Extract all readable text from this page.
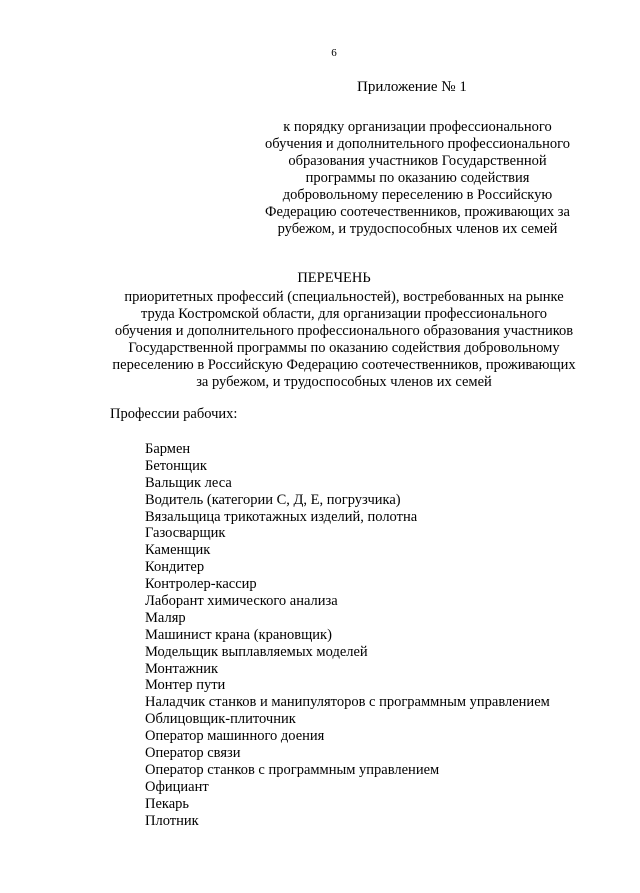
6
Приложение № 1
к порядку организации профессионального
обучения и дополнительного профессионального
образования участников Государственной
программы по оказанию содействия
добровольному переселению в Российскую
Федерацию соотечественников, проживающих за
рубежом, и трудоспособных членов их семей
ПЕРЕЧЕНЬ
приоритетных профессий (специальностей), востребованных на рынке
труда Костромской области, для организации профессионального
обучения и дополнительного профессионального образования участников
Государственной программы по оказанию содействия добровольному
переселению в Российскую Федерацию соотечественников, проживающих
за рубежом, и трудоспособных членов их семей
Профессии рабочих:
Бармен
Бетонщик
Вальщик леса
Водитель (категории С, Д, Е, погрузчика)
Вязальщица трикотажных изделий, полотна
Газосварщик
Каменщик
Кондитер
Контролер-кассир
Лаборант химического анализа
Маляр
Машинист крана (крановщик)
Модельщик выплавляемых моделей
Монтажник
Монтер пути
Наладчик станков и манипуляторов с программным управлением
Облицовщик-плиточник
Оператор машинного доения
Оператор связи
Оператор станков с программным управлением
Официант
Пекарь
Плотник
